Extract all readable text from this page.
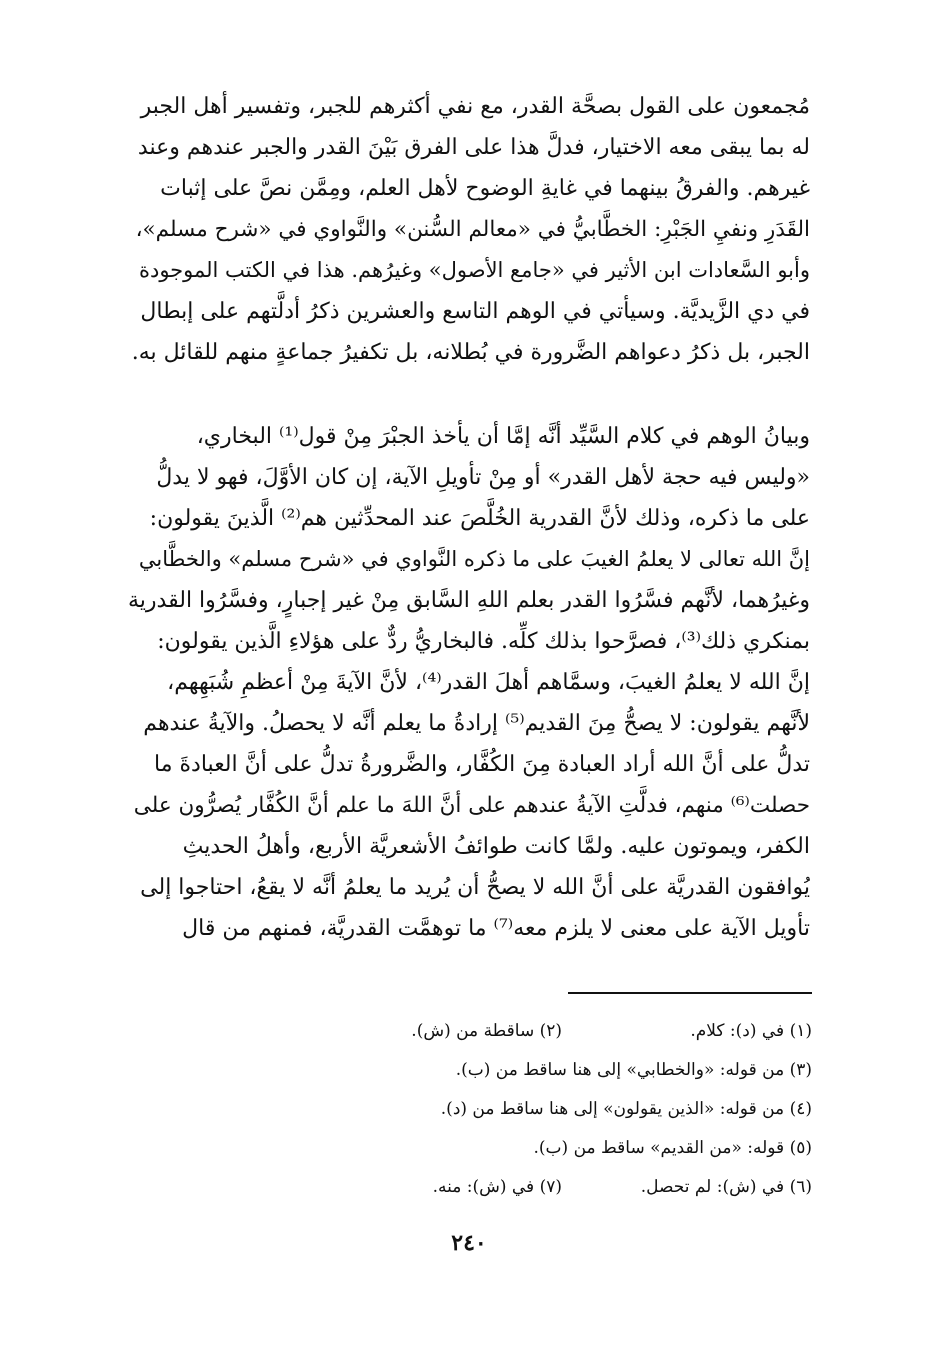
مُجمعون على القول بصحَّة القدر، مع نفي أكثرهم للجبر، وتفسير أهل الجبر
له بما يبقى معه الاختيار، فدلَّ هذا على الفرق بَيْنَ القدر والجبر عندهم وعند
غيرهم. والفرقُ بينهما في غايةِ الوضوح لأهل العلم، ومِمَّن نصَّ على إثبات
القَدَرِ ونفيِ الجَبْرِ: الخطَّابيُّ في «معالم السُّنن» والنَّواوي في «شرح مسلم»،
وأبو السَّعادات ابن الأثير في «جامع الأصول» وغيرُهم. هذا في الكتب الموجودة
في دي الزَّيديَّة. وسيأتي في الوهم التاسع والعشرين ذكرُ أدلَّتهم على إبطال
الجبر، بل ذكرُ دعواهم الضَّرورة في بُطلانه، بل تكفيرُ جماعةٍ منهم للقائل به.
وبيانُ الوهم في كلام السَّيِّد أنَّه إمَّا أن يأخذ الجبْرَ مِنْ قول⁽¹⁾ البخاري،
«وليس فيه حجة لأهل القدر» أو مِنْ تأويلِ الآية، إن كان الأوَّلَ، فهو لا يدلُّ
على ما ذكره، وذلك لأنَّ القدرية الخُلَّصَ عند المحدِّثين هم⁽²⁾ الَّذينَ يقولون:
إنَّ الله تعالى لا يعلمُ الغيبَ على ما ذكره النَّواوي في «شرح مسلم» والخطَّابي
وغيرُهما، لأنَّهم فسَّرُوا القدر بعلم اللهِ السَّابق مِنْ غير إجبارٍ، وفسَّرُوا القدرية
بمنكري ذلك⁽³⁾، فصرَّحوا بذلك كلِّه. فالبخاريُّ ردٌّ على هؤلاءِ الَّذين يقولون:
إنَّ الله لا يعلمُ الغيبَ، وسمَّاهم أهلَ القدر⁽⁴⁾، لأنَّ الآيةَ مِنْ أعظمِ شُبَهِهم،
لأنَّهم يقولون: لا يصحُّ مِنَ القديم⁽⁵⁾ إرادةُ ما يعلم أنَّه لا يحصلُ. والآيةُ عندهم
تدلُّ على أنَّ الله أراد العبادة مِنَ الكُفَّار، والضَّرورةُ تدلُّ على أنَّ العبادةَ ما
حصلت⁽⁶⁾ منهم، فدلَّتِ الآيةُ عندهم على أنَّ اللهَ ما علم أنَّ الكُفَّار يُصرُّون على
الكفر، ويموتون عليه. ولمَّا كانت طوائفُ الأشعريَّة الأربع، وأهلُ الحديثِ
يُوافقون القدريَّة على أنَّ الله لا يصحُّ أن يُريد ما يعلمُ أنَّه لا يقعُ، احتاجوا إلى
تأويل الآية على معنى لا يلزم معه⁽⁷⁾ ما توهمَّت القدريَّة، فمنهم من قال
(١) في (د): كلام.
(٢) ساقطة من (ش).
(٣) من قوله: «والخطابي» إلى هنا ساقط من (ب).
(٤) من قوله: «الذين يقولون» إلى هنا ساقط من (د).
(٥) قوله: «من القديم» ساقط من (ب).
(٦) في (ش): لم تحصل.
(٧) في (ش): منه.
٢٤٠
